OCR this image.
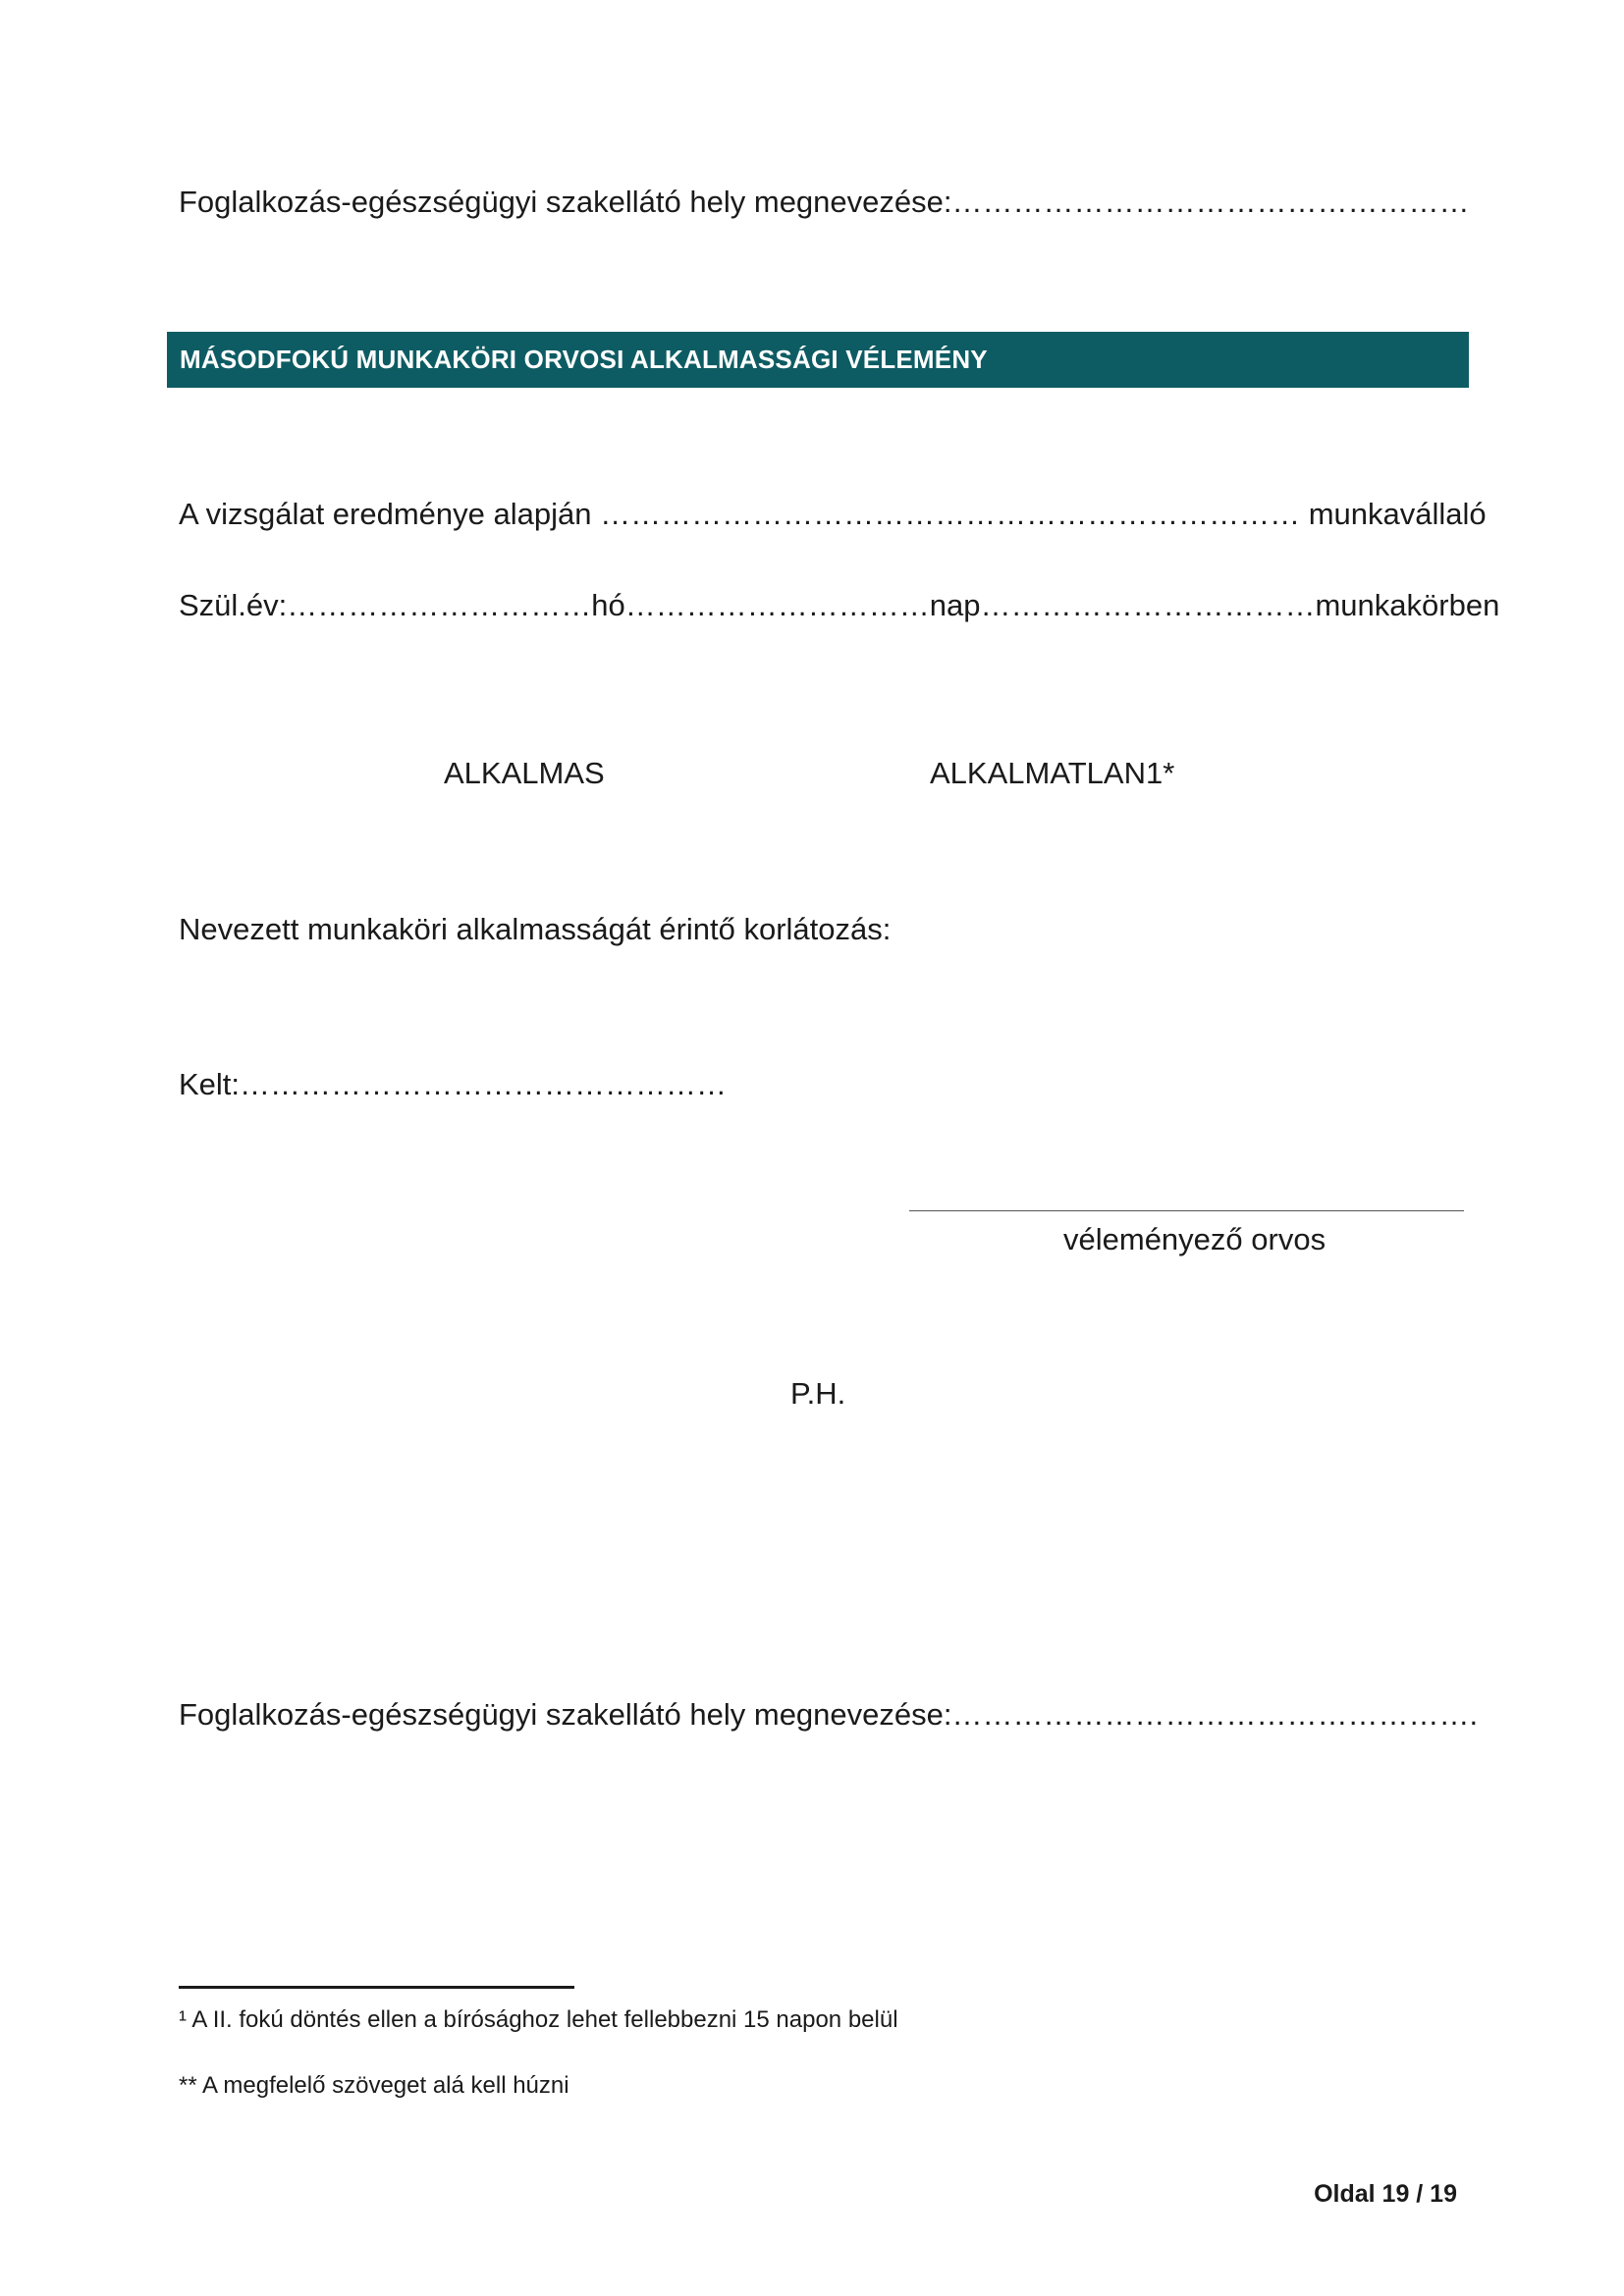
Foglalkozás-egészségügyi szakellátó hely megnevezése:……………………………………………
MÁSODFOKÚ MUNKAKÖRI ORVOSI ALKALMASSÁGI VÉLEMÉNY
A vizsgálat eredménye alapján …………………………………………………………… munkavállaló
Szül.év:…………………………hó…………………………nap……………………………munkakörben
ALKALMAS	ALKALMATLAN1*
Nevezett munkaköri alkalmasságát érintő korlátozás:
Kelt:…………………………………………
véleményező orvos
P.H.
Foglalkozás-egészségügyi szakellátó hely megnevezése:…………………………………………….
¹ A II. fokú döntés ellen a bírósághoz lehet fellebbezni 15 napon belül
** A megfelelő szöveget alá kell húzni
Oldal 19 / 19
